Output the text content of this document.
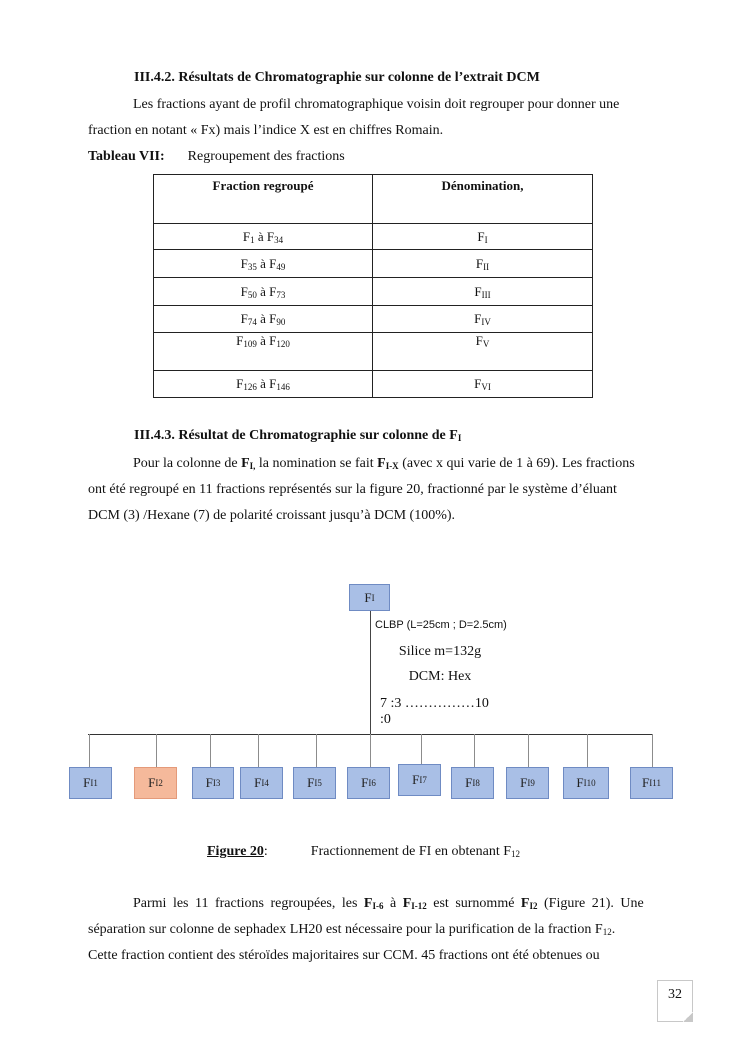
III.4.2. Résultats de Chromatographie sur colonne de l’extrait DCM
Les fractions ayant de profil chromatographique voisin doit regrouper pour donner une
fraction en notant « Fx) mais l’indice X est en chiffres Romain.
Tableau VII: Regroupement des fractions
Fraction regroupé	Dénomination,
$F_1$ à $F_{34}$	$F_I$
$F_{35}$ à $F_{49}$	$F_{II}$
$F_{50}$ à $F_{73}$	$F_{III}$
$F_{74}$ à $F_{90}$	$F_{IV}$
$F_{109}$ à $F_{120}$	$F_V$
$F_{126}$ à $F_{146}$	$F_{VI}$
III.4.3. Résultat de Chromatographie sur colonne de $F_I$
Pour la colonne de $F_{I,}$ la nomination se fait $F_{I-X}$ (avec x qui varie de 1 à 69). Les fractions
ont été regroupé en 11 fractions représentés sur la figure 20, fractionné par le système d’éluant
DCM (3) /Hexane (7) de polarité croissant jusqu’à DCM (100%).
F I
CLBP (L=25cm ; D=2.5cm)
Silice m=132g
DCM: Hex
7 :3 ……………10 :0
F I1	F I2	F I3	F I4	F I5	F I6	F I7	F I8	F I9	F I10	F I11
Figure 20:	Fractionnement de FI en obtenant $F_{12}$
Parmi les 11 fractions regroupées, les $F_{I-6}$ à $F_{I-12}$ est surnommé $F_{I2}$ (Figure 21). Une
séparation sur colonne de sephadex LH20 est nécessaire pour la purification de la fraction $F_{12}$.
Cette fraction contient des stéroïdes majoritaires sur CCM. 45 fractions ont été obtenues ou
32
